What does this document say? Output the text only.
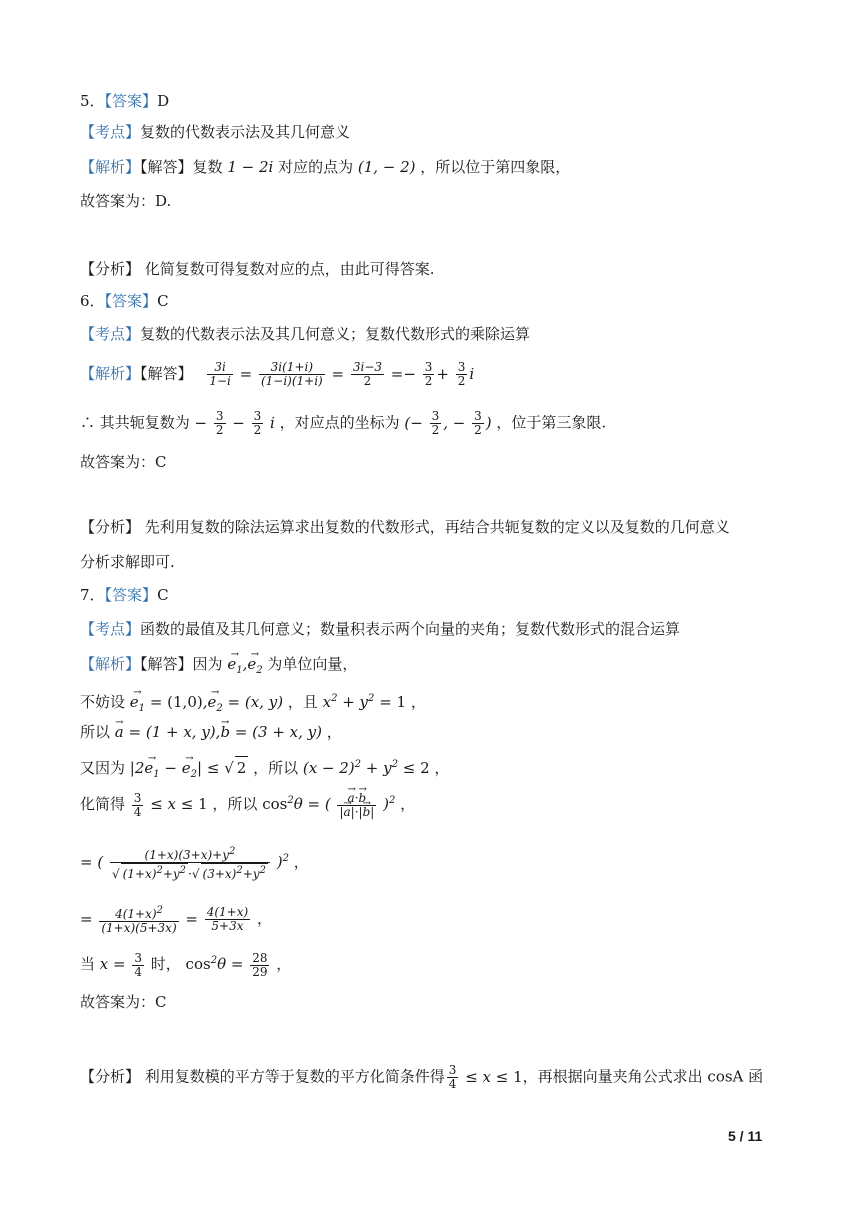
5．【答案】D
【考点】复数的代数表示法及其几何意义
【解析】【解答】复数 1 − 2i 对应的点为 (1, − 2) ，所以位于第四象限，
故答案为：D.
【分析】 化简复数可得复数对应的点，由此可得答案.
6．【答案】C
【考点】复数的代数表示法及其几何意义；复数代数形式的乘除运算
【解析】【解答】 $\frac{3i}{1-i} = \frac{3i(1+i)}{(1-i)(1+i)} = \frac{3i-3}{2} =- \frac{3}{2} + \frac{3}{2}$ i
∴ 其共轭复数为 − $\frac{3}{2} - \frac{3}{2}$ i ，对应点的坐标为 (− $\frac{3}{2}$ , − $\frac{3}{2}$ ) ，位于第三象限.
故答案为：C
【分析】 先利用复数的除法运算求出复数的代数形式，再结合共轭复数的定义以及复数的几何意义
分析求解即可.
7．【答案】C
【考点】函数的最值及其几何意义；数量积表示两个向量的夹角；复数代数形式的混合运算
【解析】【解答】因为 → $e_1,\to e_2$ 为单位向量，
不妨设 → $e_1 = (1,0),\to e_2 = (x$, y) ，且 $x^2 + y^2 = 1$ ，
所以 → a = (1 + x, y),→ b = (3 + x, y) ，
又因为 $|2\to e_1$ − → $e_2|$ ≤ √ 2 ，所以 $(x - 2)^2 + y^2 \le 2$ ，
化简得 $\frac{3}{4} \le x \le 1$ ，所以 $\cos^2\theta$ = (
→ $\frac{a\cdot\to b}{|\to a|\cdot|\to b|} )^2$ ，
= ( $\frac{(1+x)(3+x)+y^2}{√ (1+x)^2+y^2 \cdot√ (3+x)^2+y^2} )^2$ ，
= $\frac{4(1+x)^2}{(1+x)(5+3x)} = \frac{4(1+x)}{5+3x}$ ，
当 $x = \frac{3}{4}$ 时， $\cos^2\theta = \frac{28}{29}$ ，
故答案为：C
【分析】 利用复数模的平方等于复数的平方化简条件得 $\frac{3}{4} \le x \le 1$，再根据向量夹角公式求出 cosA 函
5 / 11
